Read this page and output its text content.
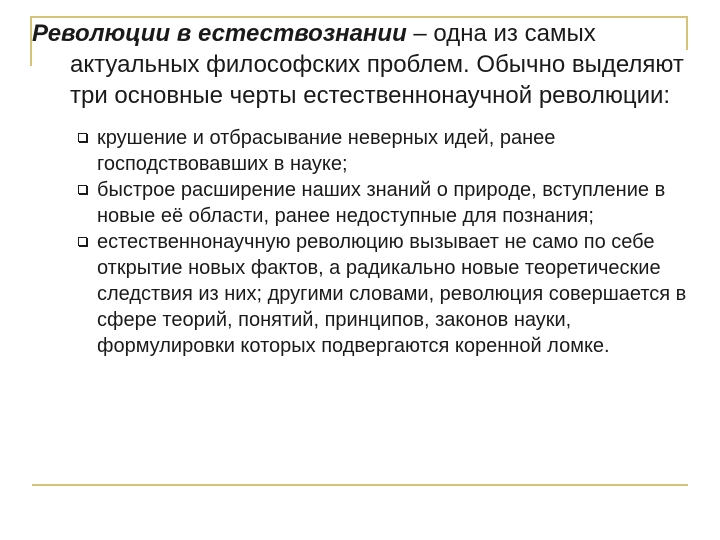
Революции в естествознании – одна из самых актуальных философских проблем. Обычно выделяют три основные черты естественнонаучной революции:

крушение и отбрасывание неверных идей, ранее господствовавших в науке;
быстрое расширение наших знаний о природе, вступление в новые её области, ранее недоступные для познания;
естественнонаучную революцию вызывает не само по себе открытие новых фактов, а радикально новые теоретические следствия из них; другими словами, революция совершается в сфере теорий, понятий, принципов, законов науки, формулировки которых подвергаются коренной ломке.
